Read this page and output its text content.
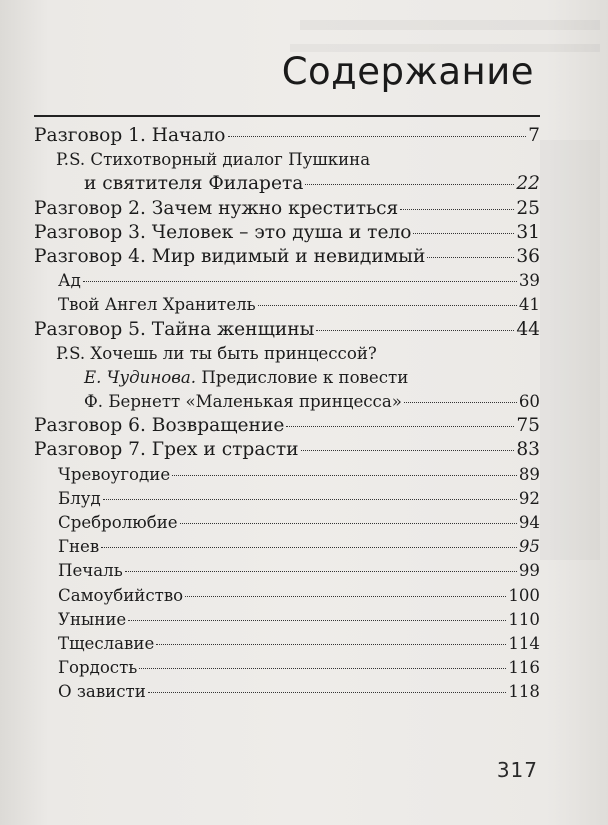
Содержание
Разговор 1. Начало	7
P.S. Стихотворный диалог Пушкина
и святителя Филарета	22
Разговор 2. Зачем нужно креститься	25
Разговор 3. Человек – это душа и тело	31
Разговор 4. Мир видимый и невидимый	36
Ад	39
Твой Ангел Хранитель	41
Разговор 5. Тайна женщины	44
P.S. Хочешь ли ты быть принцессой?
Е. Чудинова. Предисловие к повести
Ф. Бернетт «Маленькая принцесса»	60
Разговор 6. Возвращение	75
Разговор 7. Грех и страсти	83
Чревоугодие	89
Блуд	92
Сребролюбие	94
Гнев	95
Печаль	99
Самоубийство	100
Уныние	110
Тщеславие	114
Гордость	116
О зависти	118
317
